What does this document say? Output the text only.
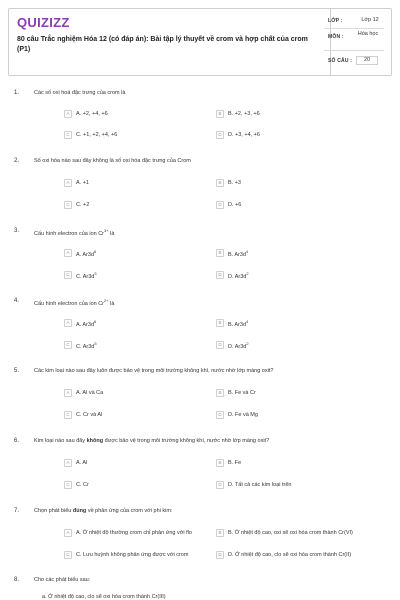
QUIZIZZ
80 câu Trắc nghiệm Hóa 12 (có đáp án): Bài tập lý thuyết về crom và hợp chất của crom (P1)
LỚP :	Lớp 12
MÔN :	Hóa học
SỐ CÂU :	20
1.	Các số oxi hoá đặc trưng của crom là
A A. +2, +4, +6	B B. +2, +3, +6
C C. +1, +2, +4, +6	D D. +3, +4, +6
2.	Số oxi hóa nào sau đây không là số oxi hóa đặc trưng của Crom
A A. +1	B B. +3
C C. +2	D D. +6
3.	Cấu hình electron của ion $Cr^{3+}$ là
A A. $Ar3d^6$	B B. $Ar3d^4$
C C. $Ar3d^5$	D D. $Ar3d^2$
4.	Cấu hình electron của ion $Cr^{2+}$ là
A A. $Ar3d^6$	B B. $Ar3d^4$
C C. $Ar3d^5$	D D. $Ar3d^2$
5.	Các kim loại nào sau đây luôn được bảo vệ trong môi trường không khí, nước nhờ lớp màng oxit?
A A. Al và Ca	B B. Fe và Cr
C C. Cr và Al	D D. Fe và Mg
6.	Kim loại nào sau đây không được bảo vệ trong môi trường không khí, nước nhờ lớp màng oxit?
A A. Al	B B. Fe
C C. Cr	D D. Tất cả các kim loại trên
7.	Chọn phát biểu đúng về phản ứng của crom với phi kim:
A A. Ở nhiệt độ thường crom chỉ phản ứng với flo	B B. Ở nhiệt độ cao, oxi sẽ oxi hóa crom thành Cr(VI)
C C. Lưu huỳnh không phản ứng được với crom	D D. Ở nhiệt độ cao, clo sẽ oxi hóa crom thành Cr(II)
8.	Cho các phát biểu sau:
a. Ở nhiệt độ cao, clo sẽ oxi hóa crom thành Cr(III)
